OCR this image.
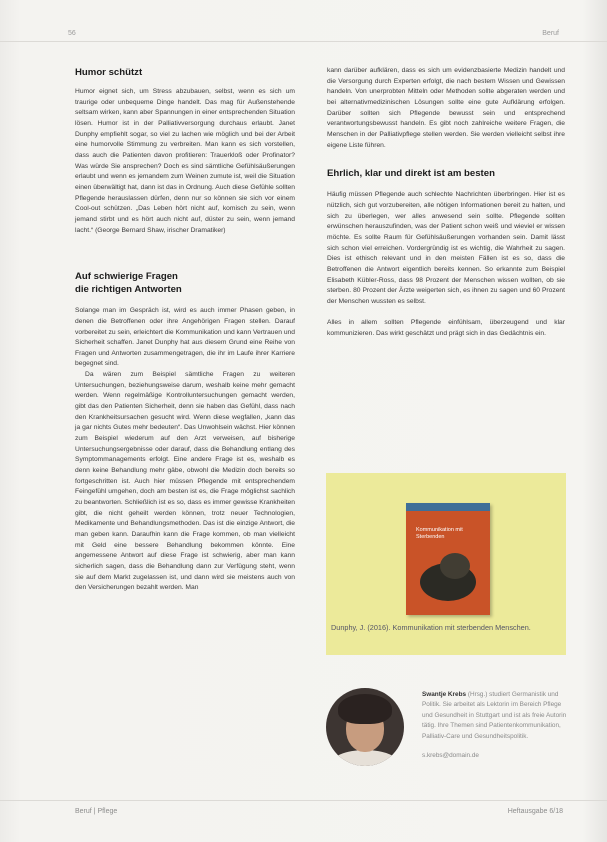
56	Beruf
Humor schützt

Humor eignet sich, um Stress abzubauen, selbst, wenn es sich um traurige oder unbequeme Dinge handelt. Das mag für Außenstehende seltsam wirken, kann aber Spannungen in einer entsprechenden Situation lösen. Humor ist in der Palliativversorgung durchaus erlaubt. Janet Dunphy empfiehlt sogar, so viel zu lachen wie möglich und bei der Arbeit eine humorvolle Stimmung zu verbreiten. Man kann es sich vorstellen, dass auch die Patienten davon profitieren: Trauerkloß oder Profinator? Was würde Sie ansprechen? Doch es sind sämtliche Gefühlsäußerungen erlaubt und wenn es jemandem zum Weinen zumute ist, weil die Situation einen überwältigt hat, dann ist das in Ordnung. Auch diese Gefühle sollten Pflegende herauslassen dürfen, denn nur so können sie sich vor einem Cool-out schützen. „Das Leben hört nicht auf, komisch zu sein, wenn jemand stirbt und es hört auch nicht auf, düster zu sein, wenn jemand lacht.“ (George Bernard Shaw, irischer Dramatiker)

Auf schwierige Fragen
die richtigen Antworten

Solange man im Gespräch ist, wird es auch immer Phasen geben, in denen die Betroffenen oder ihre Angehörigen Fragen stellen. Darauf vorbereitet zu sein, erleichtert die Kommunikation und kann Vertrauen und Sicherheit schaffen. Janet Dunphy hat aus diesem Grund eine Reihe von Fragen und Antworten zusammengetragen, die ihr im Laufe ihrer Karriere begegnet sind.

Da wären zum Beispiel sämtliche Fragen zu weiteren Untersuchungen, beziehungsweise darum, weshalb keine mehr gemacht werden. Wenn regelmäßige Kontrolluntersuchungen gemacht werden, gibt das den Patienten Sicherheit, denn sie haben das Gefühl, dass nach den Krankheitsursachen gesucht wird. Wenn diese wegfallen, „kann das ja gar nichts Gutes mehr bedeuten“. Das Unwohlsein wächst. Hier können zum Beispiel wiederum auf den Arzt verweisen, auf bisherige Untersuchungsergebnisse oder darauf, dass die Behandlung entlang des Symptommanagements erfolgt. Eine andere Frage ist es, weshalb es denn keine Behandlung mehr gäbe, obwohl die Medizin doch bereits so fortgeschritten ist. Auch hier müssen Pflegende mit entsprechendem Feingefühl umgehen, doch am besten ist es, die Frage möglichst sachlich zu beantworten. Schließlich ist es so, dass es immer gewisse Krankheiten gibt, die nicht geheilt werden können, trotz neuer Technologien, Medikamente und Behandlungsmethoden. Das ist die einzige Antwort, die man geben kann. Daraufhin kann die Frage kommen, ob man vielleicht mit Geld eine bessere Behandlung bekommen könnte. Eine angemessene Antwort auf diese Frage ist schwierig, aber man kann sicherlich sagen, dass die Behandlung dann zur Verfügung steht, wenn sie auf dem Markt zugelassen ist, und dann wird sie meistens auch von den Versicherungen bezahlt werden. Man

kann darüber aufklären, dass es sich um evidenzbasierte Medizin handelt und die Versorgung durch Experten erfolgt, die nach bestem Wissen und Gewissen handeln. Von unerprobten Mitteln oder Methoden sollte abgeraten werden und bei alternativmedizinischen Lösungen sollte eine gute Aufklärung erfolgen. Darüber sollten sich Pflegende bewusst sein und entsprechend verantwortungsbewusst handeln. Es gibt noch zahlreiche weitere Fragen, die Menschen in der Palliativpflege stellen werden. Sie werden vielleicht selbst ihre eigene Liste führen.

Ehrlich, klar und direkt ist am besten

Häufig müssen Pflegende auch schlechte Nachrichten überbringen. Hier ist es nützlich, sich gut vorzubereiten, alle nötigen Informationen bereit zu halten, und sich zu überlegen, wer alles anwesend sein sollte. Pflegende sollten erwünschen herauszufinden, was der Patient schon weiß und wieviel er wissen möchte. Es sollte Raum für Gefühlsäußerungen vorhanden sein. Damit lässt sich schon viel erreichen. Vordergründig ist es wichtig, die Wahrheit zu sagen. Dies ist ethisch relevant und in den meisten Fällen ist es so, dass die Betroffenen die Antwort eigentlich bereits kennen. So erkannte zum Beispiel Elisabeth Kübler-Ross, dass 98 Prozent der Menschen wissen wollten, ob sie sterben. 80 Prozent der Ärzte weigerten sich, es ihnen zu sagen und 60 Prozent der Menschen wussten es selbst.

Alles in allem sollten Pflegende einfühlsam, überzeugend und klar kommunizieren. Das wirkt geschätzt und prägt sich in das Gedächtnis ein.

Kommunikation mit Sterbenden
Dunphy, J. (2016). Kommunikation mit sterbenden Menschen.
Swantje Krebs (Hrsg.) studiert Germanistik und Politik. Sie arbeitet als Lektorin im Bereich Pflege und Gesundheit in Stuttgart und ist als freie Autorin tätig. Ihre Themen sind Patientenkommunikation, Palliativ-Care und Gesundheitspolitik.
s.krebs@domain.de
Beruf | Pflege	Heftausgabe 6/18
